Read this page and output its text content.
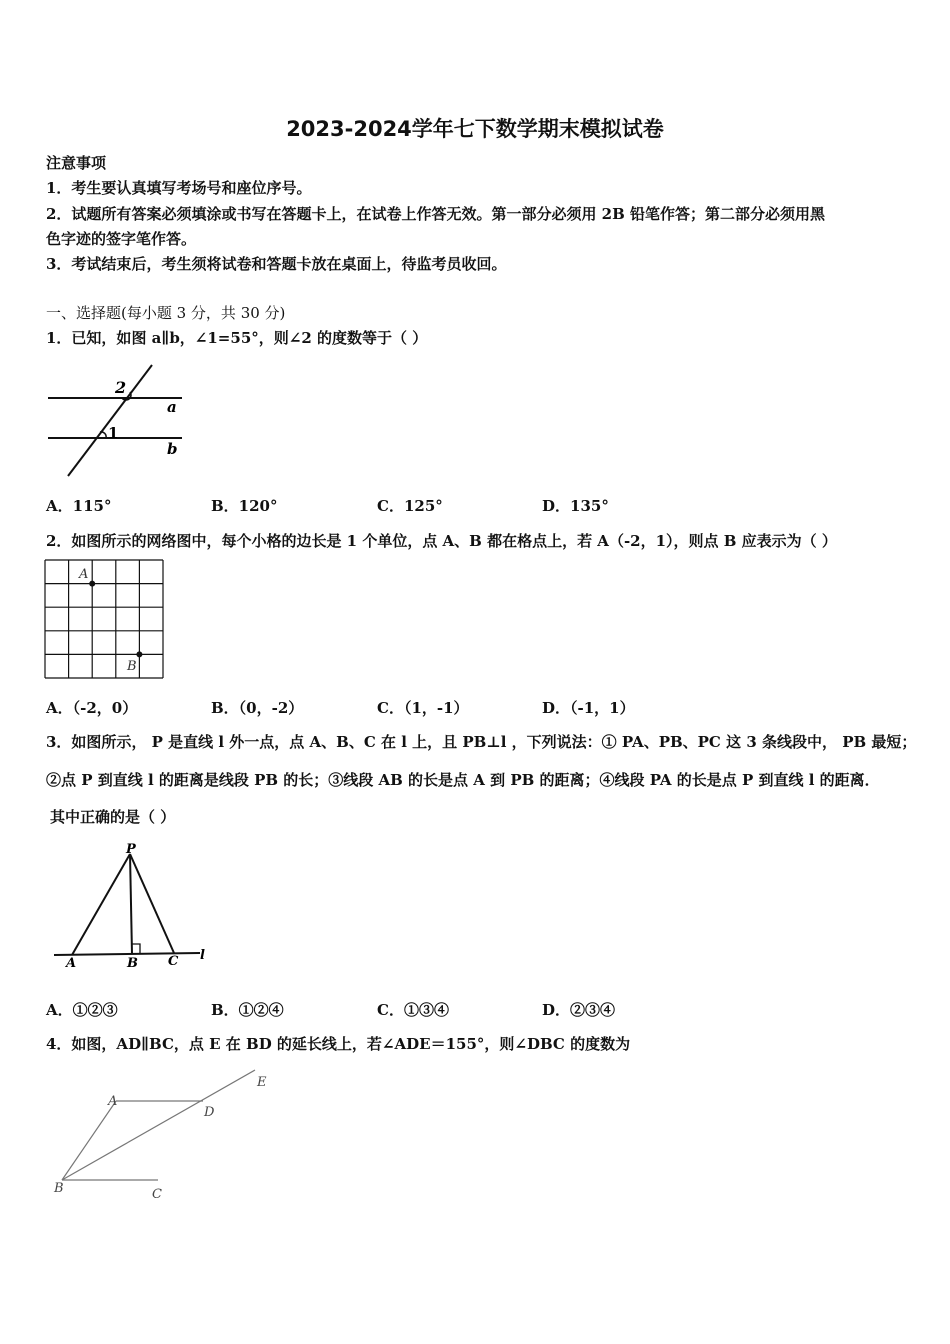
2023-2024学年七下数学期末模拟试卷
注意事项
1．考生要认真填写考场号和座位序号。
2．试题所有答案必须填涂或书写在答题卡上，在试卷上作答无效。第一部分必须用 2B 铅笔作答；第二部分必须用黑
色字迹的签字笔作答。
3．考试结束后，考生须将试卷和答题卡放在桌面上，待监考员收回。
一、选择题(每小题 3 分，共 30 分)
1．已知，如图 a∥b，∠1=55°，则∠2 的度数等于（ ）
2
1
a
b
A．115°	B．120°	C．125°	D．135°
2．如图所示的网络图中，每个小格的边长是 1 个单位，点 A、B 都在格点上，若 A（-2，1），则点 B 应表示为（ ）
A
B
A．（-2，0）	B．（0，-2）	C．（1，-1）	D．（-1，1）
3．如图所示， P 是直线 l 外一点，点 A、B、C 在 l 上，且 PB⊥l ，下列说法：① PA、PB、PC 这 3 条线段中， PB 最短；
②点 P 到直线 l 的距离是线段 PB 的长；③线段 AB 的长是点 A 到 PB 的距离；④线段 PA 的长是点 P 到直线 l 的距离．
其中正确的是（ ）
P
A	B C l
A．①②③	B．①②④	C．①③④	D．②③④
4．如图，AD∥BC，点 E 在 BD 的延长线上，若∠ADE＝155°，则∠DBC 的度数为
A
B	C
D
E
